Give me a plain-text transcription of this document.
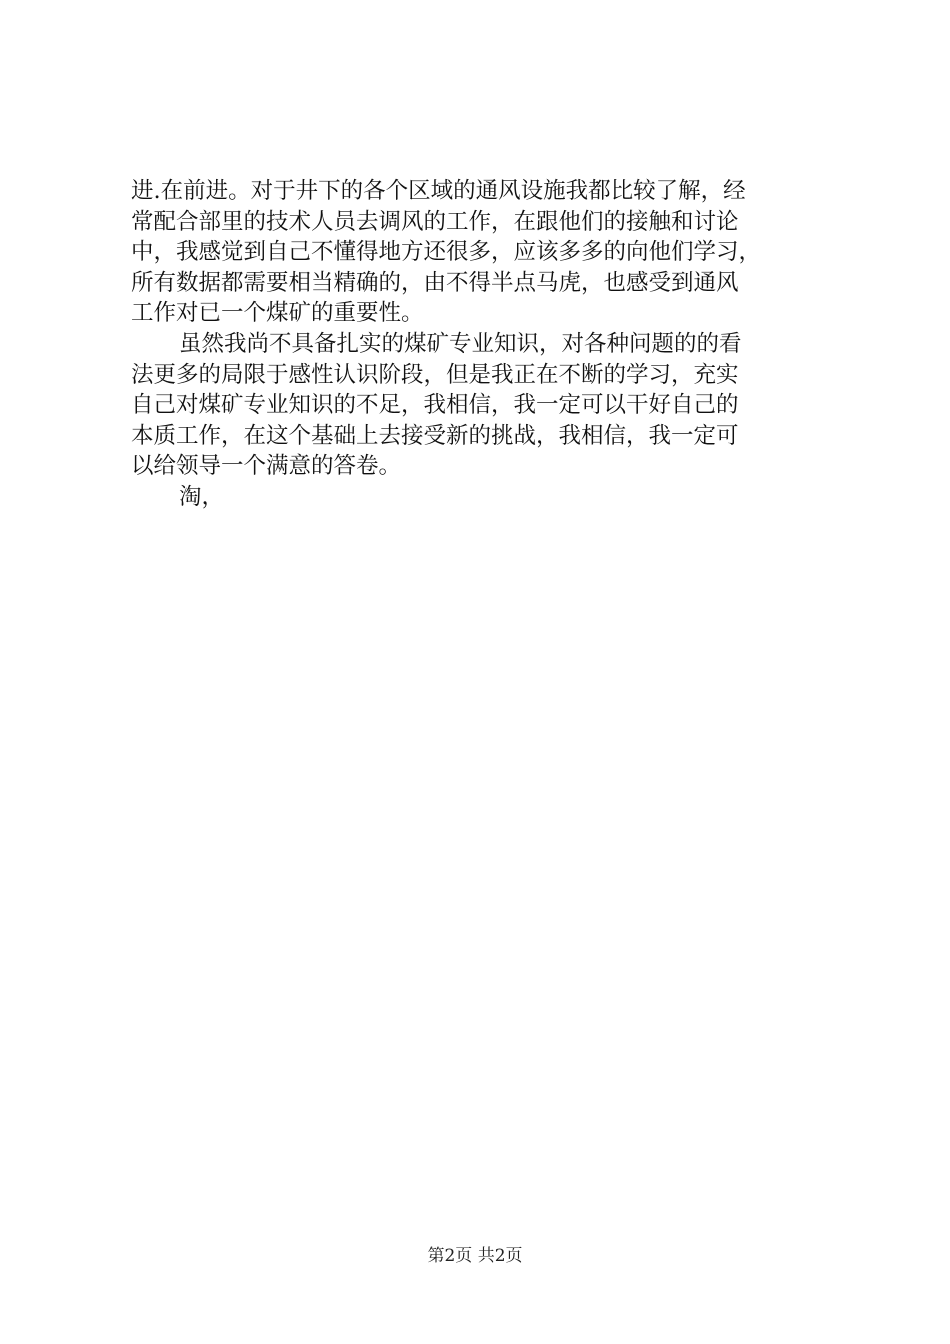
进.在前进。对于井下的各个区域的通风设施我都比较了解，经
常配合部里的技术人员去调风的工作，在跟他们的接触和讨论
中，我感觉到自己不懂得地方还很多，应该多多的向他们学习，
所有数据都需要相当精确的，由不得半点马虎，也感受到通风
工作对已一个煤矿的重要性。
虽然我尚不具备扎实的煤矿专业知识，对各种问题的的看
法更多的局限于感性认识阶段，但是我正在不断的学习，充实
自己对煤矿专业知识的不足，我相信，我一定可以干好自己的
本质工作，在这个基础上去接受新的挑战，我相信，我一定可
以给领导一个满意的答卷。
淘，
第2页 共2页
